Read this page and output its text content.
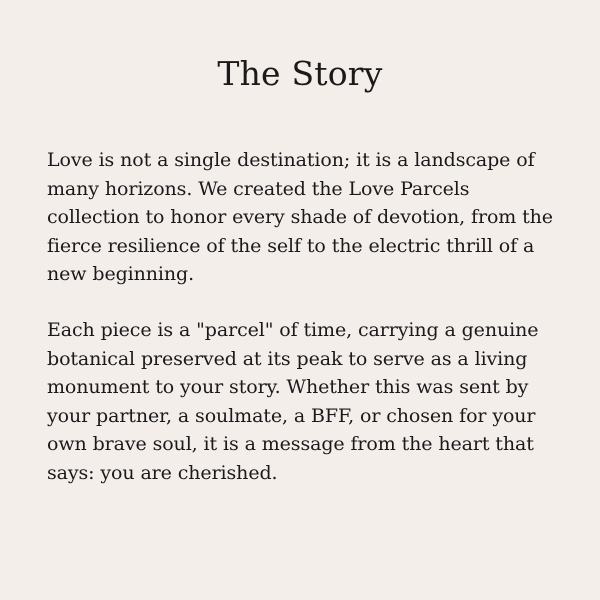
The Story

Love is not a single destination; it is a landscape of
many horizons. We created the Love Parcels
collection to honor every shade of devotion, from the
fierce resilience of the self to the electric thrill of a
new beginning.

Each piece is a "parcel" of time, carrying a genuine
botanical preserved at its peak to serve as a living
monument to your story. Whether this was sent by
your partner, a soulmate, a BFF, or chosen for your
own brave soul, it is a message from the heart that
says: you are cherished.
